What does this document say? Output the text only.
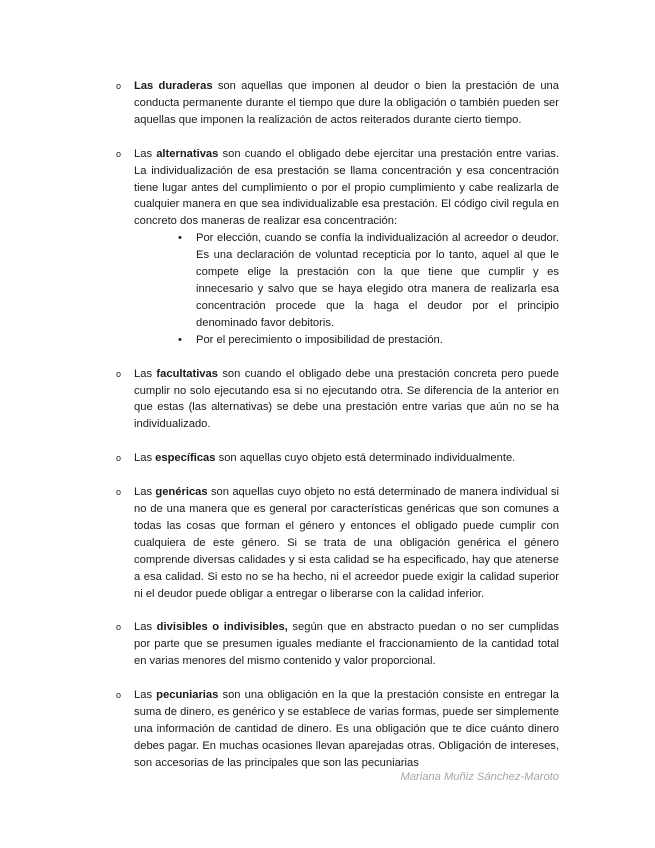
o Las duraderas son aquellas que imponen al deudor o bien la prestación de una conducta permanente durante el tiempo que dure la obligación o también pueden ser aquellas que imponen la realización de actos reiterados durante cierto tiempo.
o Las alternativas son cuando el obligado debe ejercitar una prestación entre varias. La individualización de esa prestación se llama concentración y esa concentración tiene lugar antes del cumplimiento o por el propio cumplimiento y cabe realizarla de cualquier manera en que sea individualizable esa prestación. El código civil regula en concreto dos maneras de realizar esa concentración:
• Por elección, cuando se confía la individualización al acreedor o deudor. Es una declaración de voluntad recepticia por lo tanto, aquel al que le compete elige la prestación con la que tiene que cumplir y es innecesario y salvo que se haya elegido otra manera de realizarla esa concentración procede que la haga el deudor por el principio denominado favor debitoris.
• Por el perecimiento o imposibilidad de prestación.
o Las facultativas son cuando el obligado debe una prestación concreta pero puede cumplir no solo ejecutando esa si no ejecutando otra. Se diferencia de la anterior en que estas (las alternativas) se debe una prestación entre varias que aún no se ha individualizado.
o Las específicas son aquellas cuyo objeto está determinado individualmente.
o Las genéricas son aquellas cuyo objeto no está determinado de manera individual si no de una manera que es general por características genéricas que son comunes a todas las cosas que forman el género y entonces el obligado puede cumplir con cualquiera de este género. Si se trata de una obligación genérica el género comprende diversas calidades y si esta calidad se ha especificado, hay que atenerse a esa calidad. Si esto no se ha hecho, ni el acreedor puede exigir la calidad superior ni el deudor puede obligar a entregar o liberarse con la calidad inferior.
o Las divisibles o indivisibles, según que en abstracto puedan o no ser cumplidas por parte que se presumen iguales mediante el fraccionamiento de la cantidad total en varias menores del mismo contenido y valor proporcional.
o Las pecuniarias son una obligación en la que la prestación consiste en entregar la suma de dinero, es genérico y se establece de varias formas, puede ser simplemente una información de cantidad de dinero. Es una obligación que te dice cuánto dinero debes pagar. En muchas ocasiones llevan aparejadas otras. Obligación de intereses, son accesorias de las principales que son las pecuniarias
Mariana Muñiz Sánchez-Maroto
